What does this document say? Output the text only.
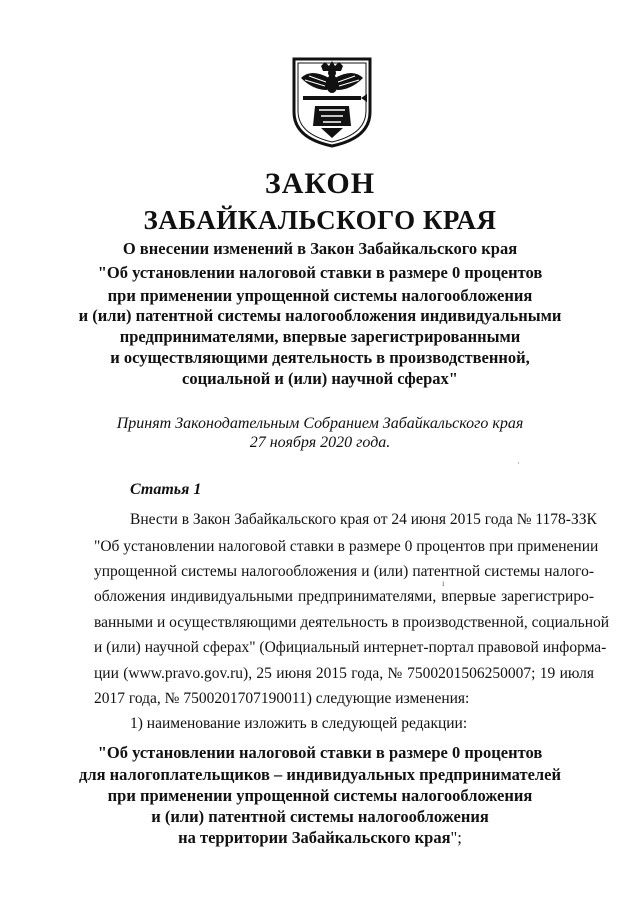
ЗАКОН
ЗАБАЙКАЛЬСКОГО КРАЯ
О внесении изменений в Закон Забайкальского края
"Об установлении налоговой ставки в размере 0 процентов
при применении упрощенной системы налогообложения
и (или) патентной системы налогообложения индивидуальными
предпринимателями, впервые зарегистрированными
и осуществляющими деятельность в производственной,
социальной и (или) научной сферах"
Принят Законодательным Собранием Забайкальского края
27 ноября 2020 года.
·
Статья 1
Внести в Закон Забайкальского края от 24 июня 2015 года № 1178-ЗЗК
"Об установлении налоговой ставки в размере 0 процентов при применении
упрощенной системы налогообложения и (или) патентной системы налого-
ı
обложения индивидуальными предпринимателями, впервые зарегистриро-
ванными и осуществляющими деятельность в производственной, социальной
и (или) научной сферах" (Официальный интернет-портал правовой информа-
ции (www.pravo.gov.ru), 25 июня 2015 года, № 7500201506250007; 19 июля
2017 года, № 7500201707190011) следующие изменения:
1) наименование изложить в следующей редакции:
"Об установлении налоговой ставки в размере 0 процентов
для налогоплательщиков – индивидуальных предпринимателей
при применении упрощенной системы налогообложения
и (или) патентной системы налогообложения
на территории Забайкальского края";
